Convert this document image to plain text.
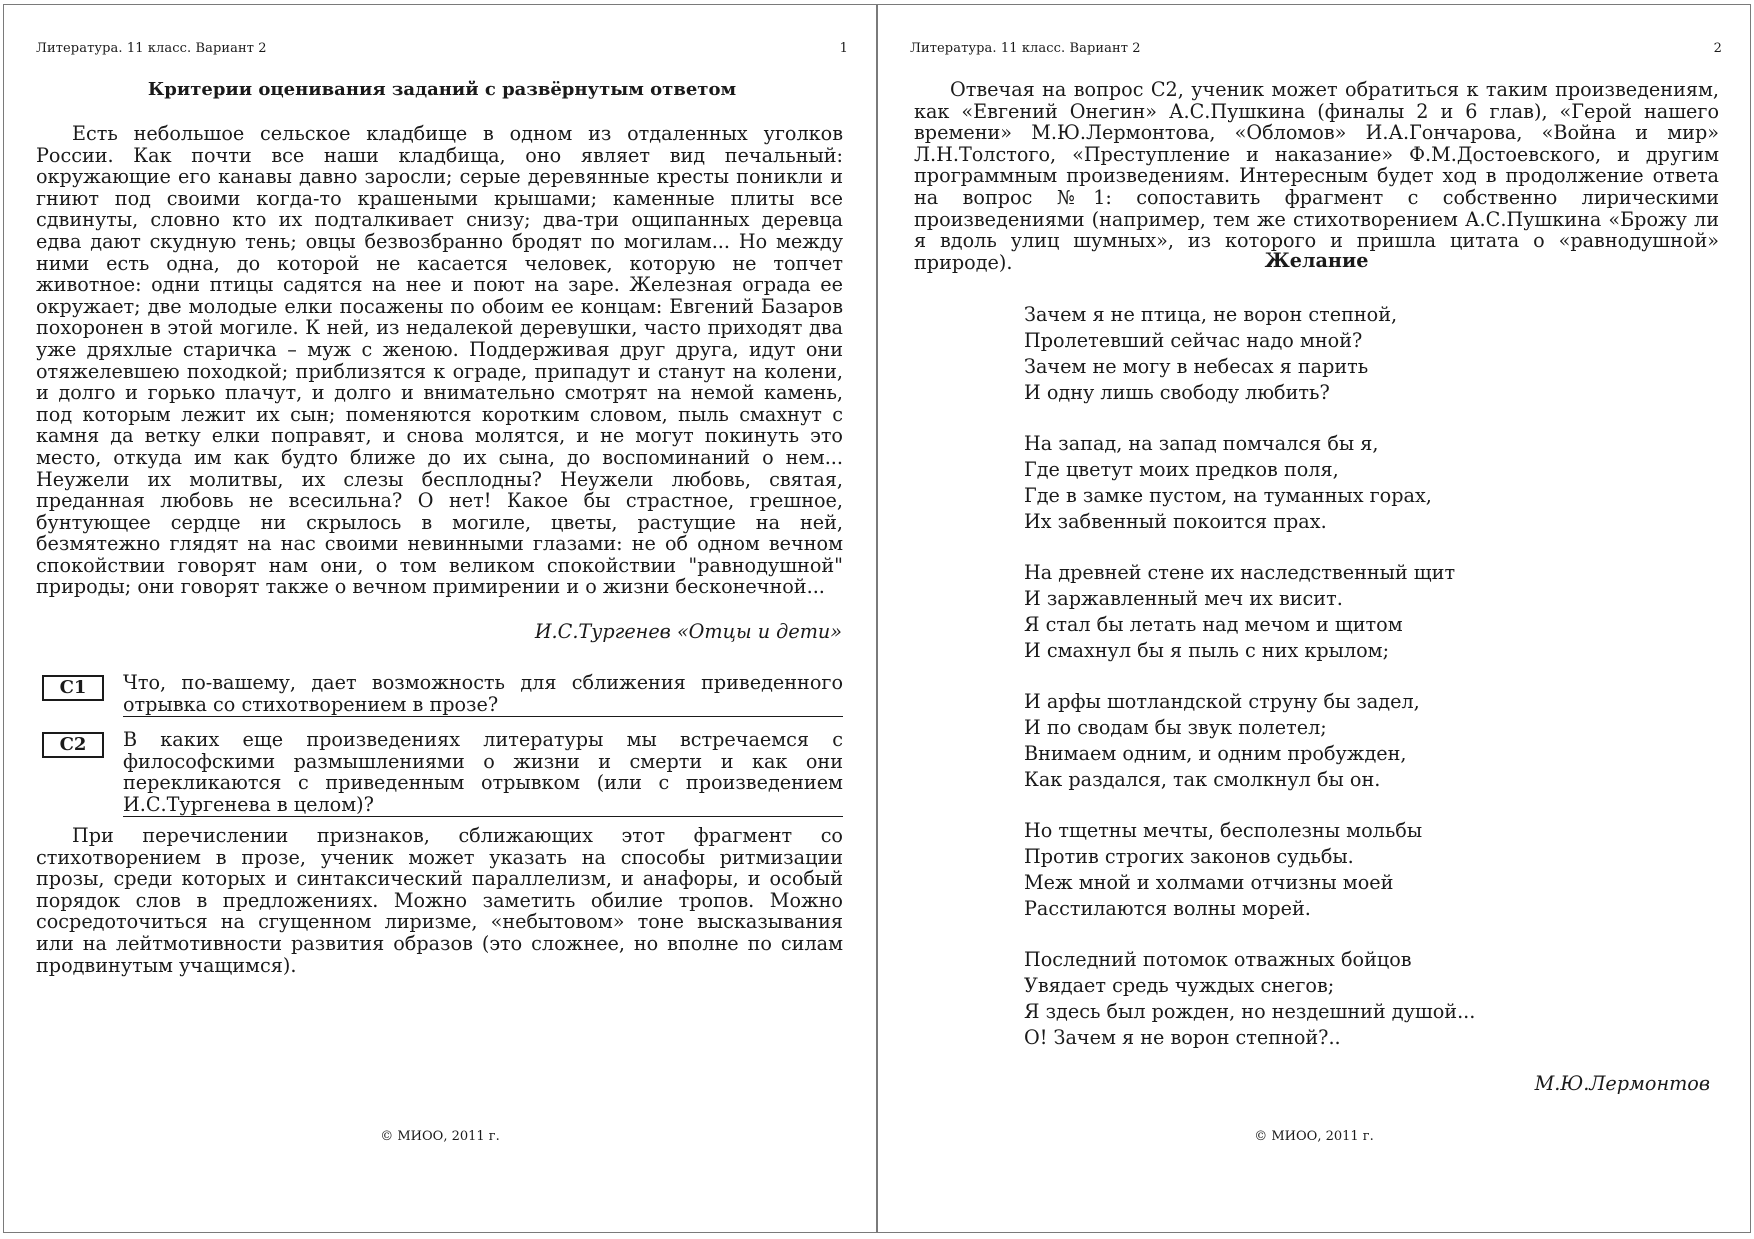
Литература. 11 класс. Вариант 2	1
Критерии оценивания заданий с развёрнутым ответом

Есть небольшое сельское кладбище в одном из отдаленных уголков России. Как почти все наши кладбища, оно являет вид печальный: окружающие его канавы давно заросли; серые деревянные кресты поникли и гниют под своими когда-то крашеными крышами; каменные плиты все сдвинуты, словно кто их подталкивает снизу; два-три ощипанных деревца едва дают скудную тень; овцы безвозбранно бродят по могилам... Но между ними есть одна, до которой не касается человек, которую не топчет животное: одни птицы садятся на нее и поют на заре. Железная ограда ее окружает; две молодые елки посажены по обоим ее концам: Евгений Базаров похоронен в этой могиле. К ней, из недалекой деревушки, часто приходят два уже дряхлые старичка – муж с женою. Поддерживая друг друга, идут они отяжелевшею походкой; приблизятся к ограде, припадут и станут на колени, и долго и горько плачут, и долго и внимательно смотрят на немой камень, под которым лежит их сын; поменяются коротким словом, пыль смахнут с камня да ветку елки поправят, и снова молятся, и не могут покинуть это место, откуда им как будто ближе до их сына, до воспоминаний о нем... Неужели их молитвы, их слезы бесплодны? Неужели любовь, святая, преданная любовь не всесильна? О нет! Какое бы страстное, грешное, бунтующее сердце ни скрылось в могиле, цветы, растущие на ней, безмятежно глядят на нас своими невинными глазами: не об одном вечном спокойствии говорят нам они, о том великом спокойствии "равнодушной" природы; они говорят также о вечном примирении и о жизни бесконечной...

И.С.Тургенев «Отцы и дети»
C1	Что, по-вашему, дает возможность для сближения приведенного отрывка со стихотворением в прозе?

C2	В каких еще произведениях литературы мы встречаемся с философскими размышлениями о жизни и смерти и как они перекликаются с приведенным отрывком (или с произведением И.С.Тургенева в целом)?

При перечислении признаков, сближающих этот фрагмент со стихотворением в прозе, ученик может указать на способы ритмизации прозы, среди которых и синтаксический параллелизм, и анафоры, и особый порядок слов в предложениях. Можно заметить обилие тропов. Можно сосредоточиться на сгущенном лиризме, «небытовом» тоне высказывания или на лейтмотивности развития образов (это сложнее, но вполне по силам продвинутым учащимся).

© МИОО, 2011 г.
Литература. 11 класс. Вариант 2	2

Отвечая на вопрос С2, ученик может обратиться к таким произведениям, как «Евгений Онегин» А.С.Пушкина (финалы 2 и 6 глав), «Герой нашего времени» М.Ю.Лермонтова, «Обломов» И.А.Гончарова, «Война и мир» Л.Н.Толстого, «Преступление и наказание» Ф.М.Достоевского, и другим программным произведениям. Интересным будет ход в продолжение ответа на вопрос №1: сопоставить фрагмент с собственно лирическими произведениями (например, тем же стихотворением А.С.Пушкина «Брожу ли я вдоль улиц шумных», из которого и пришла цитата о «равнодушной» природе).	Желание
Зачем я не птица, не ворон степной,
Пролетевший сейчас надо мной?
Зачем не могу в небесах я парить
И одну лишь свободу любить?
На запад, на запад помчался бы я,
Где цветут моих предков поля,
Где в замке пустом, на туманных горах,
Их забвенный покоится прах.
На древней стене их наследственный щит
И заржавленный меч их висит.
Я стал бы летать над мечом и щитом
И смахнул бы я пыль с них крылом;
И арфы шотландской струну бы задел,
И по сводам бы звук полетел;
Внимаем одним, и одним пробужден,
Как раздался, так смолкнул бы он.
Но тщетны мечты, бесполезны мольбы
Против строгих законов судьбы.
Меж мной и холмами отчизны моей
Расстилаются волны морей.
Последний потомок отважных бойцов
Увядает средь чуждых снегов;
Я здесь был рожден, но нездешний душой...
О! Зачем я не ворон степной?..
М.Ю.Лермонтов
© МИОО, 2011 г.
